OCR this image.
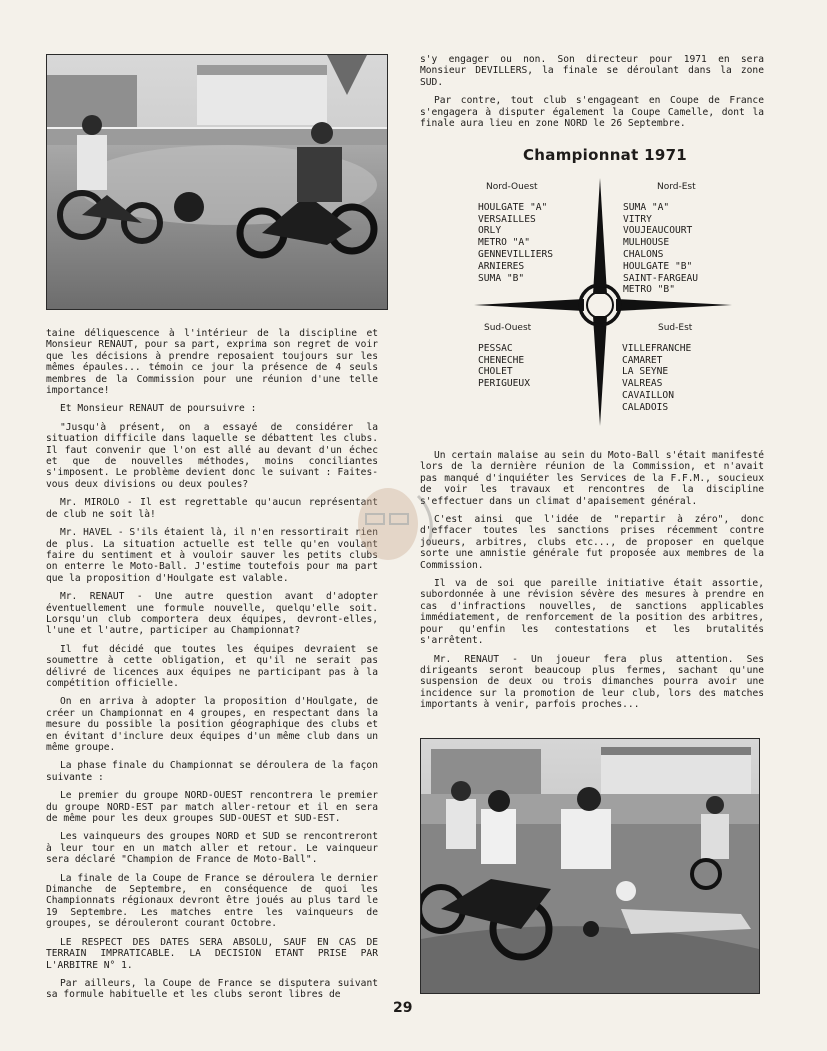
taine déliquescence à l'intérieur de la discipline et Monsieur RENAUT, pour sa part, exprima son regret de voir que les décisions à prendre reposaient toujours sur les mêmes épaules... témoin ce jour la présence de 4 seuls membres de la Commission pour une réunion d'une telle importance!

Et Monsieur RENAUT de poursuivre :

"Jusqu'à présent, on a essayé de considérer la situation difficile dans laquelle se débattent les clubs. Il faut convenir que l'on est allé au devant d'un échec et que de nouvelles méthodes, moins conciliantes s'imposent. Le problème devient donc le suivant : Faites-vous deux divisions ou deux poules?

Mr. MIROLO - Il est regrettable qu'aucun représentant de club ne soit là!

Mr. HAVEL - S'ils étaient là, il n'en ressortirait rien de plus. La situation actuelle est telle qu'en voulant faire du sentiment et à vouloir sauver les petits clubs on enterre le Moto-Ball. J'estime toutefois pour ma part que la proposition d'Houlgate est valable.

Mr. RENAUT - Une autre question avant d'adopter éventuellement une formule nouvelle, quelqu'elle soit. Lorsqu'un club comportera deux équipes, devront-elles, l'une et l'autre, participer au Championnat?

Il fut décidé que toutes les équipes devraient se soumettre à cette obligation, et qu'il ne serait pas délivré de licences aux équipes ne participant pas à la compétition officielle.

On en arriva à adopter la proposition d'Houlgate, de créer un Championnat en 4 groupes, en respectant dans la mesure du possible la position géographique des clubs et en évitant d'inclure deux équipes d'un même club dans un même groupe.

La phase finale du Championnat se déroulera de la façon suivante :

Le premier du groupe NORD-OUEST rencontrera le premier du groupe NORD-EST par match aller-retour et il en sera de même pour les deux groupes SUD-OUEST et SUD-EST.

Les vainqueurs des groupes NORD et SUD se rencontreront à leur tour en un match aller et retour. Le vainqueur sera déclaré "Champion de France de Moto-Ball".

La finale de la Coupe de France se déroulera le dernier Dimanche de Septembre, en conséquence de quoi les Championnats régionaux devront être joués au plus tard le 19 Septembre. Les matches entre les vainqueurs de groupes, se dérouleront courant Octobre.

LE RESPECT DES DATES SERA ABSOLU, SAUF EN CAS DE TERRAIN IMPRATICABLE. LA DECISION ETANT PRISE PAR L'ARBITRE N° 1.

Par ailleurs, la Coupe de France se disputera suivant sa formule habituelle et les clubs seront libres de

s'y engager ou non. Son directeur pour 1971 en sera Monsieur DEVILLERS, la finale se déroulant dans la zone SUD.

Par contre, tout club s'engageant en Coupe de France s'engagera à disputer également la Coupe Camelle, dont la finale aura lieu en zone NORD le 26 Septembre.

Championnat 1971
Nord-Ouest
HOULGATE "A"
VERSAILLES
ORLY
METRO "A"
GENNEVILLIERS
ARNIERES
SUMA "B"
Nord-Est
SUMA "A"
VITRY
VOUJEAUCOURT
MULHOUSE
CHALONS
HOULGATE "B"
SAINT-FARGEAU
METRO "B"
Sud-Ouest
PESSAC
CHENECHE
CHOLET
PERIGUEUX
Sud-Est
VILLEFRANCHE
CAMARET
LA SEYNE
VALREAS
CAVAILLON
CALADOIS

Un certain malaise au sein du Moto-Ball s'était manifesté lors de la dernière réunion de la Commission, et n'avait pas manqué d'inquiéter les Services de la F.F.M., soucieux de voir les travaux et rencontres de la discipline s'effectuer dans un climat d'apaisement général.

C'est ainsi que l'idée de "repartir à zéro", donc d'effacer toutes les sanctions prises récemment contre joueurs, arbitres, clubs etc..., de proposer en quelque sorte une amnistie générale fut proposée aux membres de la Commission.

Il va de soi que pareille initiative était assortie, subordonnée à une révision sévère des mesures à prendre en cas d'infractions nouvelles, de sanctions applicables immédiatement, de renforcement de la position des arbitres, pour qu'enfin les contestations et les brutalités s'arrêtent.

Mr. RENAUT - Un joueur fera plus attention. Ses dirigeants seront beaucoup plus fermes, sachant qu'une suspension de deux ou trois dimanches pourra avoir une incidence sur la promotion de leur club, lors des matches importants à venir, parfois proches...

29
